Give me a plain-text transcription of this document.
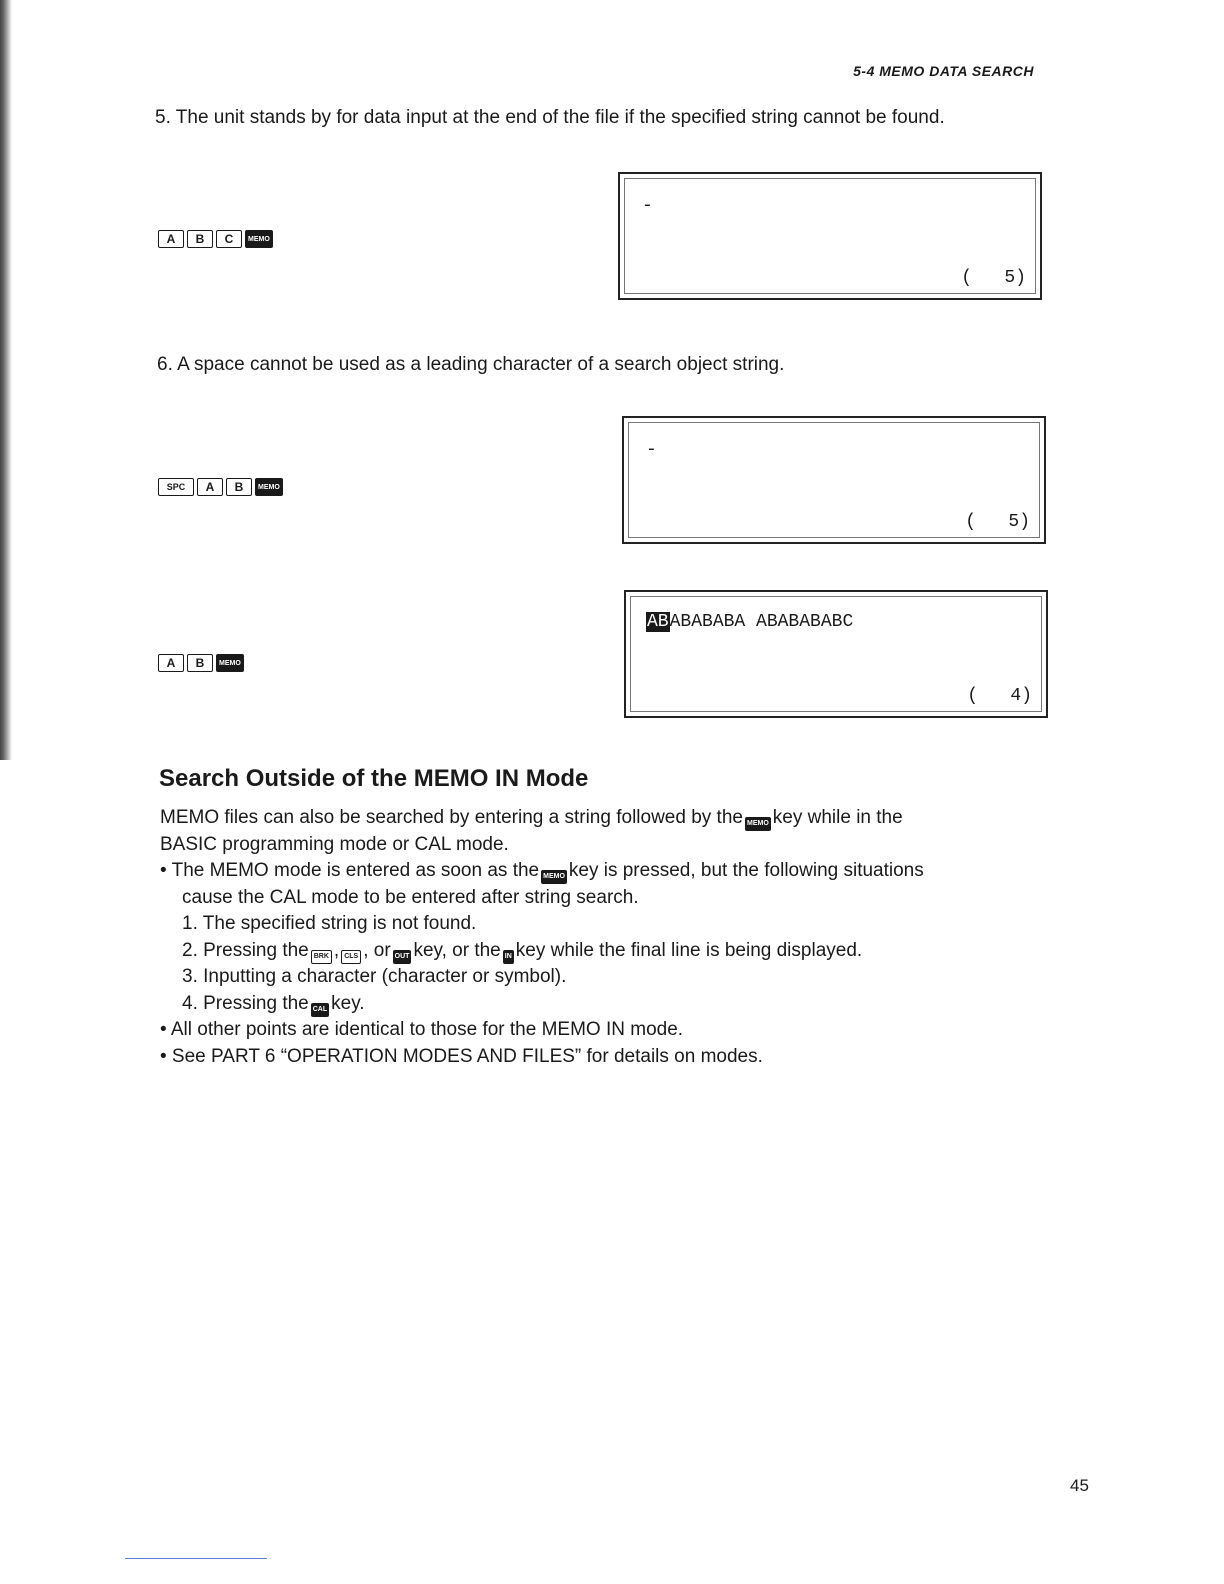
5-4 MEMO DATA SEARCH
5. The unit stands by for data input at the end of the file if the specified string cannot be found.
A	B	C	MEMO
-
(   5)
6. A space cannot be used as a leading character of a search object string.
SPC	A	B	MEMO
-
(   5)
A	B	MEMO
ABABABABA ABABABABC
(   4)
Search Outside of the MEMO IN Mode
MEMO files can also be searched by entering a string followed by the MEMO key while in the
BASIC programming mode or CAL mode.
• The MEMO mode is entered as soon as the MEMO key is pressed, but the following situations
cause the CAL mode to be entered after string search.
1. The specified string is not found.
2. Pressing the BRK , CLS , or OUT key, or the IN key while the final line is being displayed.
3. Inputting a character (character or symbol).
4. Pressing the CAL key.
• All other points are identical to those for the MEMO IN mode.
• See PART 6 “OPERATION MODES AND FILES” for details on modes.
45
